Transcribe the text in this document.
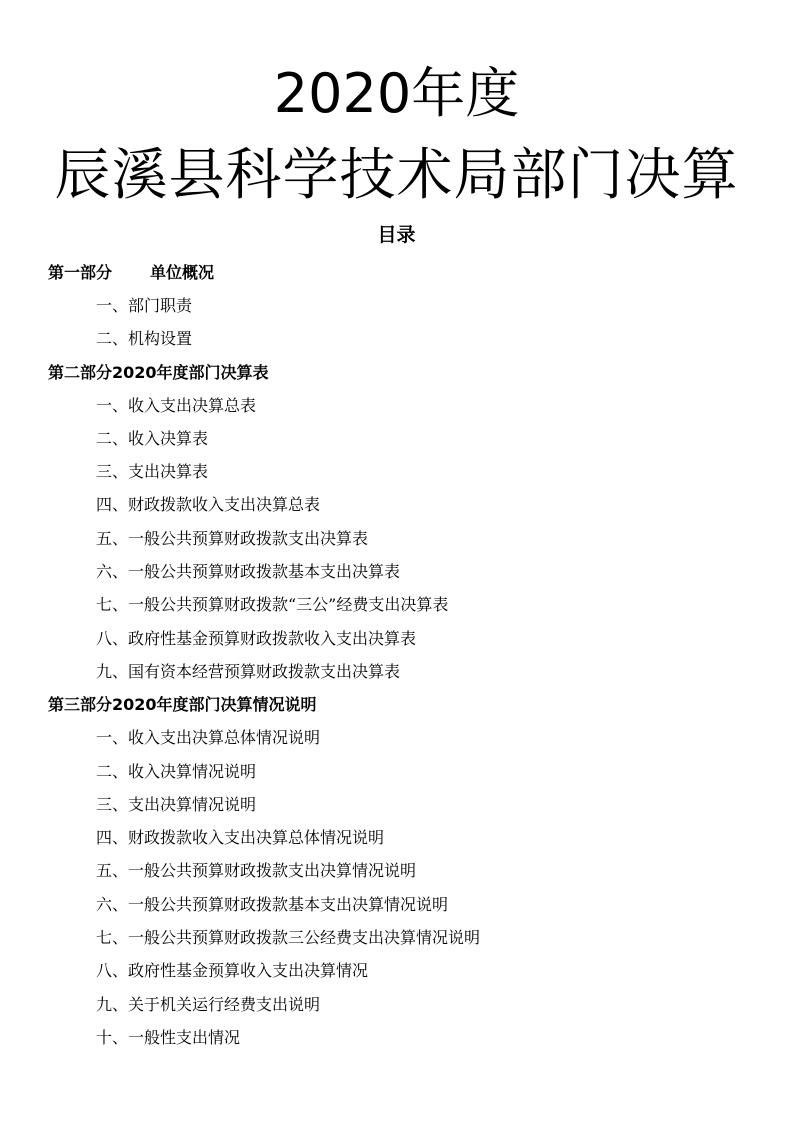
2020年度
辰溪县科学技术局部门决算
目录
第一部分 单位概况
一、部门职责
二、机构设置
第二部分2020年度部门决算表
一、收入支出决算总表
二、收入决算表
三、支出决算表
四、财政拨款收入支出决算总表
五、一般公共预算财政拨款支出决算表
六、一般公共预算财政拨款基本支出决算表
七、一般公共预算财政拨款“三公”经费支出决算表
八、政府性基金预算财政拨款收入支出决算表
九、国有资本经营预算财政拨款支出决算表
第三部分2020年度部门决算情况说明
一、收入支出决算总体情况说明
二、收入决算情况说明
三、支出决算情况说明
四、财政拨款收入支出决算总体情况说明
五、一般公共预算财政拨款支出决算情况说明
六、一般公共预算财政拨款基本支出决算情况说明
七、一般公共预算财政拨款三公经费支出决算情况说明
八、政府性基金预算收入支出决算情况
九、关于机关运行经费支出说明
十、一般性支出情况
